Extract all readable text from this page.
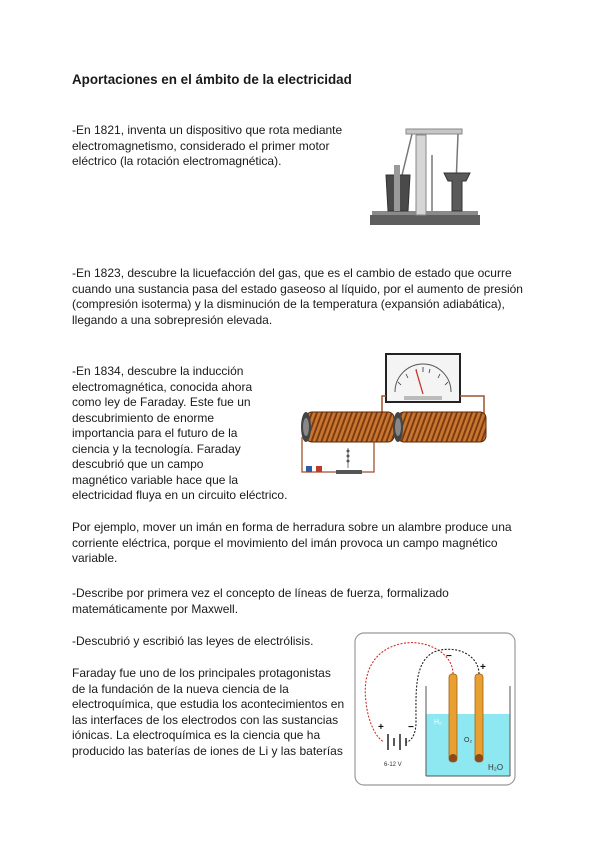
Aportaciones en el ámbito de la electricidad
-En 1821, inventa un dispositivo que rota mediante
electromagnetismo, considerado el primer motor
eléctrico (la rotación electromagnética).
-En 1823, descubre la licuefacción del gas, que es el cambio de estado que ocurre
cuando una sustancia pasa del estado gaseoso al líquido, por el aumento de presión
(compresión isoterma) y la disminución de la temperatura (expansión adiabática),
llegando a una sobrepresión elevada.
-En 1834, descubre la inducción
electromagnética, conocida ahora
como ley de Faraday. Este fue un
descubrimiento de enorme
importancia para el futuro de la
ciencia y la tecnología. Faraday
descubrió que un campo
magnético variable hace que la
electricidad fluya en un circuito eléctrico.
Por ejemplo, mover un imán en forma de herradura sobre un alambre produce una
corriente eléctrica, porque el movimiento del imán provoca un campo magnético
variable.
-Describe por primera vez el concepto de líneas de fuerza, formalizado
matemáticamente por Maxwell.
-Descubrió y escribió las leyes de electrólisis.
Faraday fue uno de los principales protagonistas
de la fundación de la nueva ciencia de la
electroquímica, que estudia los acontecimientos en
las interfaces de los electrodos con las sustancias
iónicas. La electroquímica es la ciencia que ha
producido las baterías de iones de Li y las baterías
+ −
6-12 V
−
+
H₂
O₂
H₂O
